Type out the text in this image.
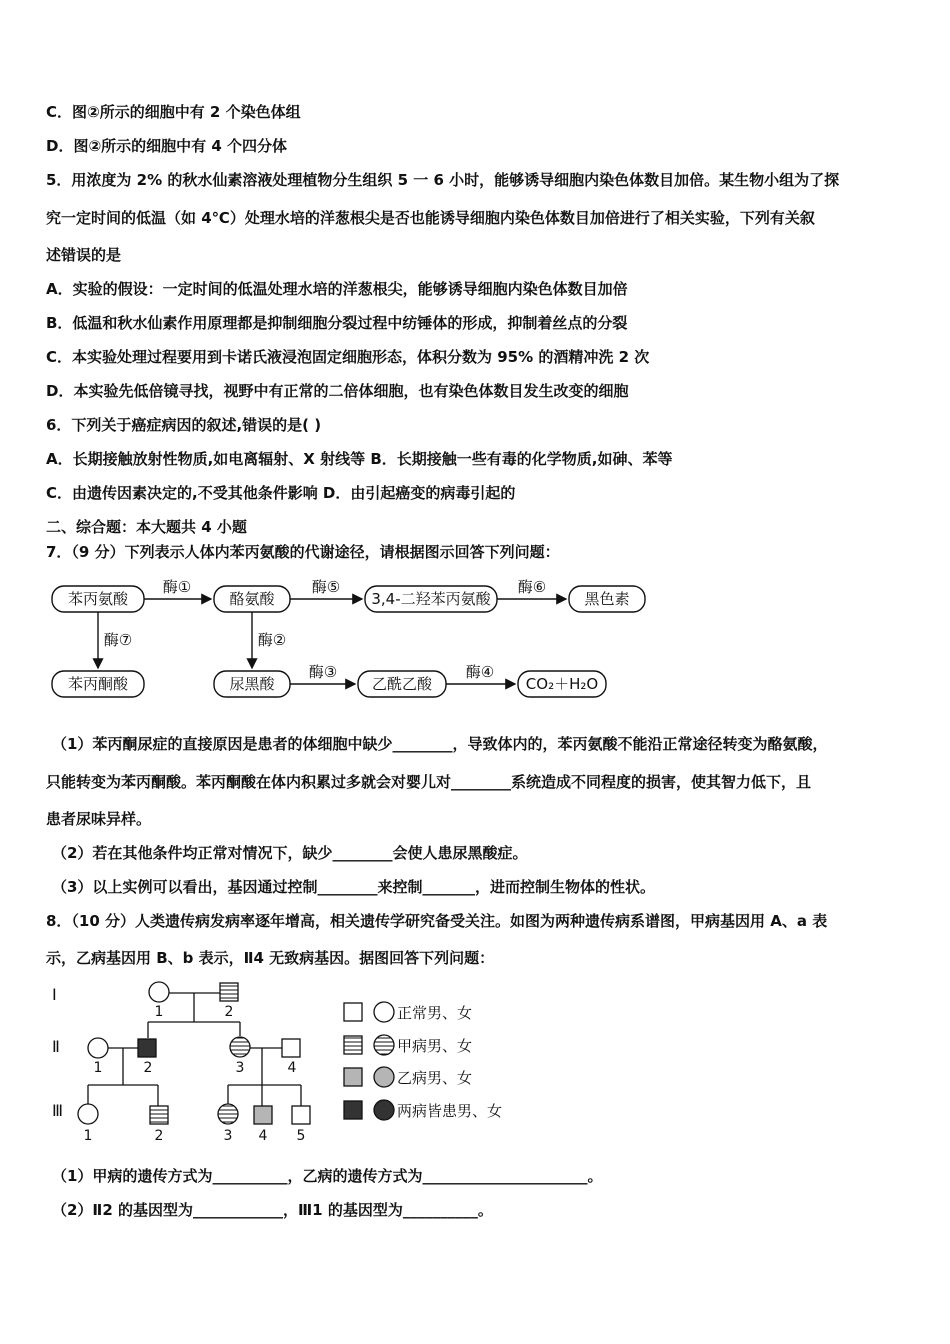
C．图②所示的细胞中有 2 个染色体组
D．图②所示的细胞中有 4 个四分体
5．用浓度为 2% 的秋水仙素溶液处理植物分生组织 5 一 6 小时，能够诱导细胞内染色体数目加倍。某生物小组为了探
究一定时间的低温（如 4℃）处理水培的洋葱根尖是否也能诱导细胞内染色体数目加倍进行了相关实验，下列有关叙
述错误的是
A．实验的假设：一定时间的低温处理水培的洋葱根尖，能够诱导细胞内染色体数目加倍
B．低温和秋水仙素作用原理都是抑制细胞分裂过程中纺锤体的形成，抑制着丝点的分裂
C．本实验处理过程要用到卡诺氏液浸泡固定细胞形态，体积分数为 95% 的酒精冲洗 2 次
D．本实验先低倍镜寻找，视野中有正常的二倍体细胞，也有染色体数目发生改变的细胞
6．下列关于癌症病因的叙述,错误的是( )
A．长期接触放射性物质,如电离辐射、X 射线等 B．长期接触一些有毒的化学物质,如砷、苯等
C．由遗传因素决定的,不受其他条件影响 D．由引起癌变的病毒引起的
二、综合题：本大题共 4 小题
7．（9 分）下列表示人体内苯丙氨酸的代谢途径，请根据图示回答下列问题：
苯丙氨酸	酪氨酸	3,4-二羟苯丙氨酸	黑色素
苯丙酮酸	尿黑酸	乙酰乙酸	CO₂＋H₂O
酶①	酶⑤	酶⑥
酶③	酶④
酶⑦	酶②
（1）苯丙酮尿症的直接原因是患者的体细胞中缺少________，导致体内的，苯丙氨酸不能沿正常途径转变为酪氨酸，
只能转变为苯丙酮酸。苯丙酮酸在体内积累过多就会对婴儿对________系统造成不同程度的损害，使其智力低下，且
患者尿味异样。
（2）若在其他条件均正常对情况下，缺少________会使人患尿黑酸症。
（3）以上实例可以看出，基因通过控制________来控制_______，进而控制生物体的性状。
8．（10 分）人类遗传病发病率逐年增高，相关遗传学研究备受关注。如图为两种遗传病系谱图，甲病基因用 A、a 表
示，乙病基因用 B、b 表示，Ⅱ4 无致病基因。据图回答下列问题：
Ⅰ
Ⅱ
Ⅲ
1	2
1	2	3	4
1	2	3 4 5
正常男、女
甲病男、女
乙病男、女
两病皆患男、女
（1）甲病的遗传方式为__________，乙病的遗传方式为______________________。
（2）Ⅱ2 的基因型为____________，Ⅲ1 的基因型为__________。
